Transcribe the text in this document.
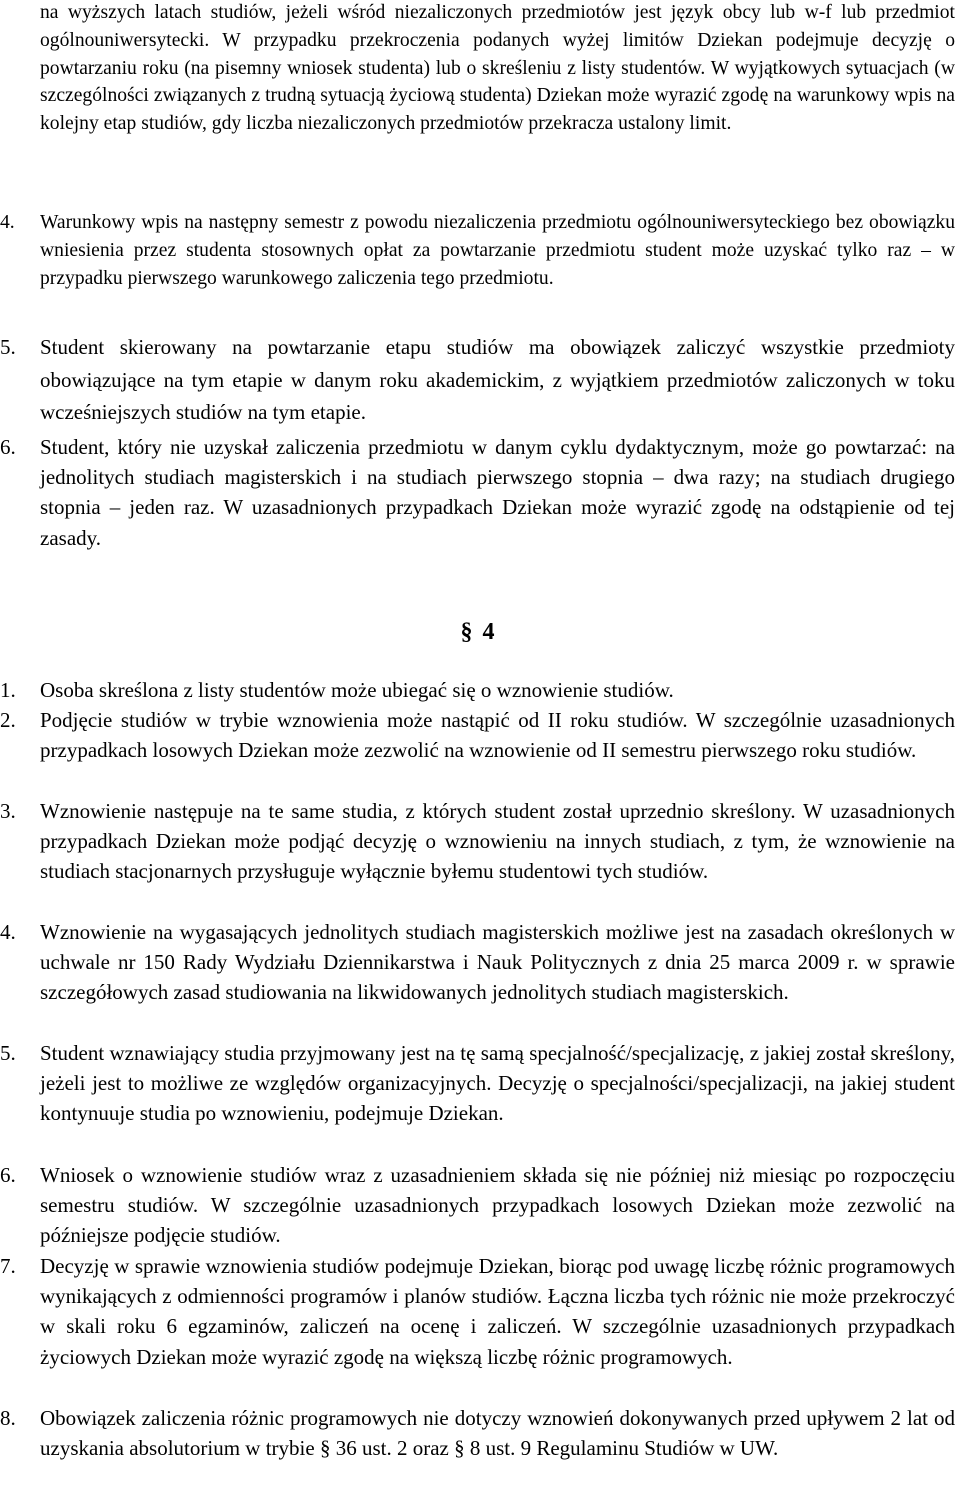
na wyższych latach studiów, jeżeli wśród niezaliczonych przedmiotów jest język obcy lub w-f lub przedmiot ogólnouniwersytecki. W przypadku przekroczenia podanych wyżej limitów Dziekan podejmuje decyzję o powtarzaniu roku (na pisemny wniosek studenta) lub o skreśleniu z listy studentów. W wyjątkowych sytuacjach (w szczególności związanych z trudną sytuacją życiową studenta) Dziekan może wyrazić zgodę na warunkowy wpis na kolejny etap studiów, gdy liczba niezaliczonych przedmiotów przekracza ustalony limit.
4.	Warunkowy wpis na następny semestr z powodu niezaliczenia przedmiotu ogólnouniwersyteckiego bez obowiązku wniesienia przez studenta stosownych opłat za powtarzanie przedmiotu student może uzyskać tylko raz – w przypadku pierwszego warunkowego zaliczenia tego przedmiotu.
5.	Student skierowany na powtarzanie etapu studiów ma obowiązek zaliczyć wszystkie przedmioty obowiązujące na tym etapie w danym roku akademickim, z wyjątkiem przedmiotów zaliczonych w toku wcześniejszych studiów na tym etapie.
6.	Student, który nie uzyskał zaliczenia przedmiotu w danym cyklu dydaktycznym, może go powtarzać: na jednolitych studiach magisterskich i na studiach pierwszego stopnia – dwa razy; na studiach drugiego stopnia – jeden raz. W uzasadnionych przypadkach Dziekan może wyrazić zgodę na odstąpienie od tej zasady.
§ 4
1.	Osoba skreślona z listy studentów może ubiegać się o wznowienie studiów.
2.	Podjęcie studiów w trybie wznowienia może nastąpić od II roku studiów. W szczególnie uzasadnionych przypadkach losowych Dziekan może zezwolić na wznowienie od II semestru pierwszego roku studiów.
3.	Wznowienie następuje na te same studia, z których student został uprzednio skreślony. W uzasadnionych przypadkach Dziekan może podjąć decyzję o wznowieniu na innych studiach, z tym, że wznowienie na studiach stacjonarnych przysługuje wyłącznie byłemu studentowi tych studiów.
4.	Wznowienie na wygasających jednolitych studiach magisterskich możliwe jest na zasadach określonych w uchwale nr 150 Rady Wydziału Dziennikarstwa i Nauk Politycznych z dnia 25 marca 2009 r. w sprawie szczegółowych zasad studiowania na likwidowanych jednolitych studiach magisterskich.
5.	Student wznawiający studia przyjmowany jest na tę samą specjalność/specjalizację, z jakiej został skreślony, jeżeli jest to możliwe ze względów organizacyjnych. Decyzję o specjalności/specjalizacji, na jakiej student kontynuuje studia po wznowieniu, podejmuje Dziekan.
6.	Wniosek o wznowienie studiów wraz z uzasadnieniem składa się nie później niż miesiąc po rozpoczęciu semestru studiów. W szczególnie uzasadnionych przypadkach losowych Dziekan może zezwolić na późniejsze podjęcie studiów.
7.	Decyzję w sprawie wznowienia studiów podejmuje Dziekan, biorąc pod uwagę liczbę różnic programowych wynikających z odmienności programów i planów studiów. Łączna liczba tych różnic nie może przekroczyć w skali roku 6 egzaminów, zaliczeń na ocenę i zaliczeń. W szczególnie uzasadnionych przypadkach życiowych Dziekan może wyrazić zgodę na większą liczbę różnic programowych.
8.	Obowiązek zaliczenia różnic programowych nie dotyczy wznowień dokonywanych przed upływem 2 lat od uzyskania absolutorium w trybie § 36 ust. 2 oraz § 8 ust. 9 Regulaminu Studiów w UW.
